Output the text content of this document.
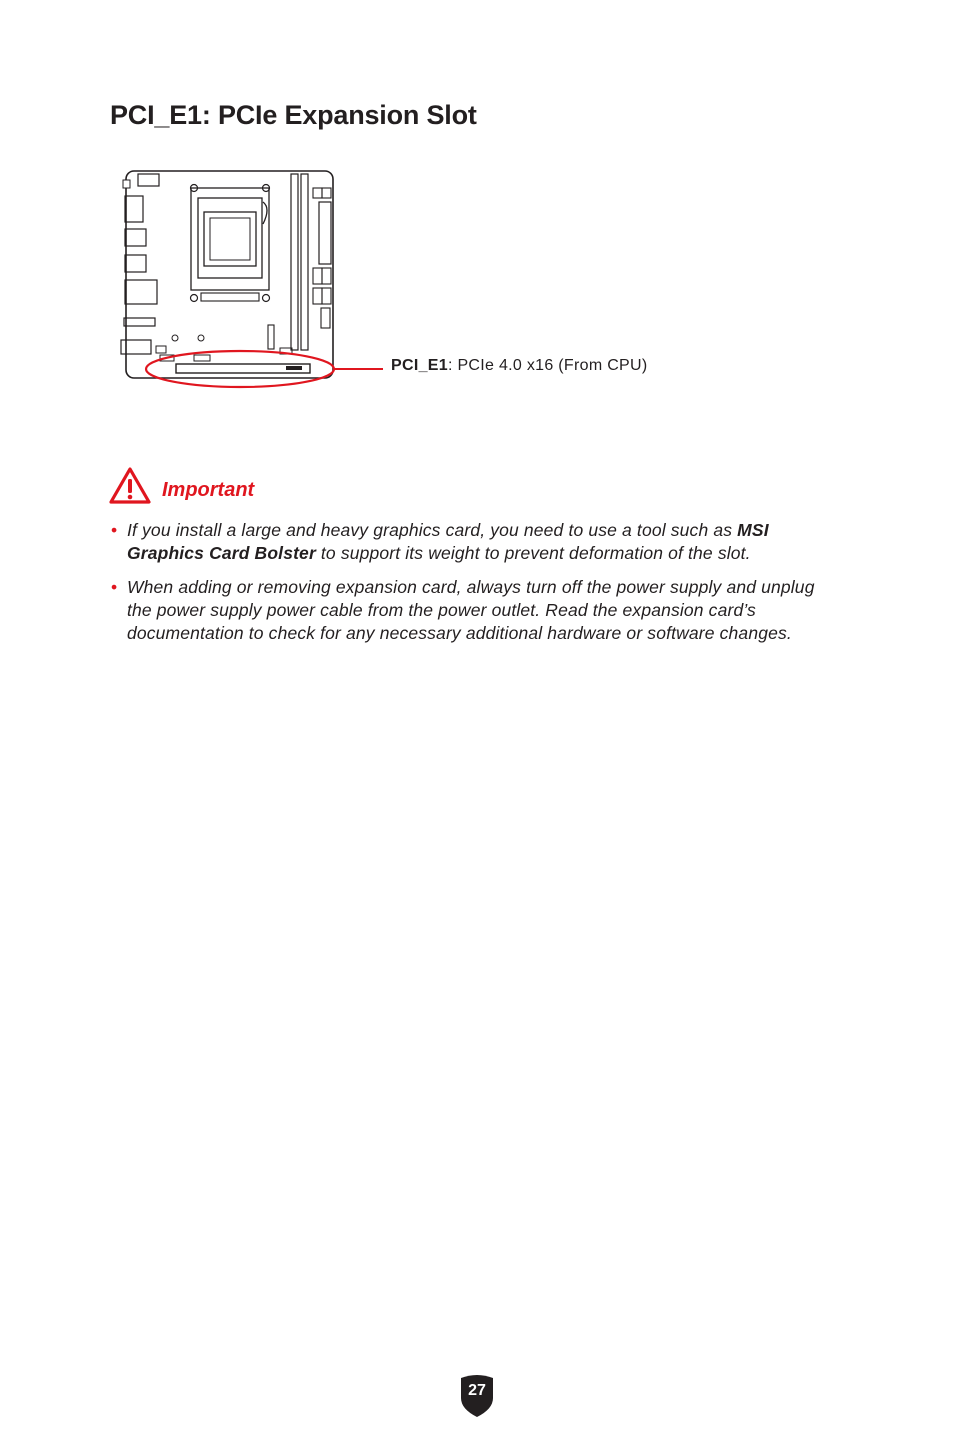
PCI_E1: PCIe Expansion Slot
PCI_E1: PCIe 4.0 x16 (From CPU)
Important
• If you install a large and heavy graphics card, you need to use a tool such as MSI Graphics Card Bolster to support its weight to prevent deformation of the slot.
• When adding or removing expansion card, always turn off the power supply and unplug the power supply power cable from the power outlet. Read the expansion card’s documentation to check for any necessary additional hardware or software changes.
27
